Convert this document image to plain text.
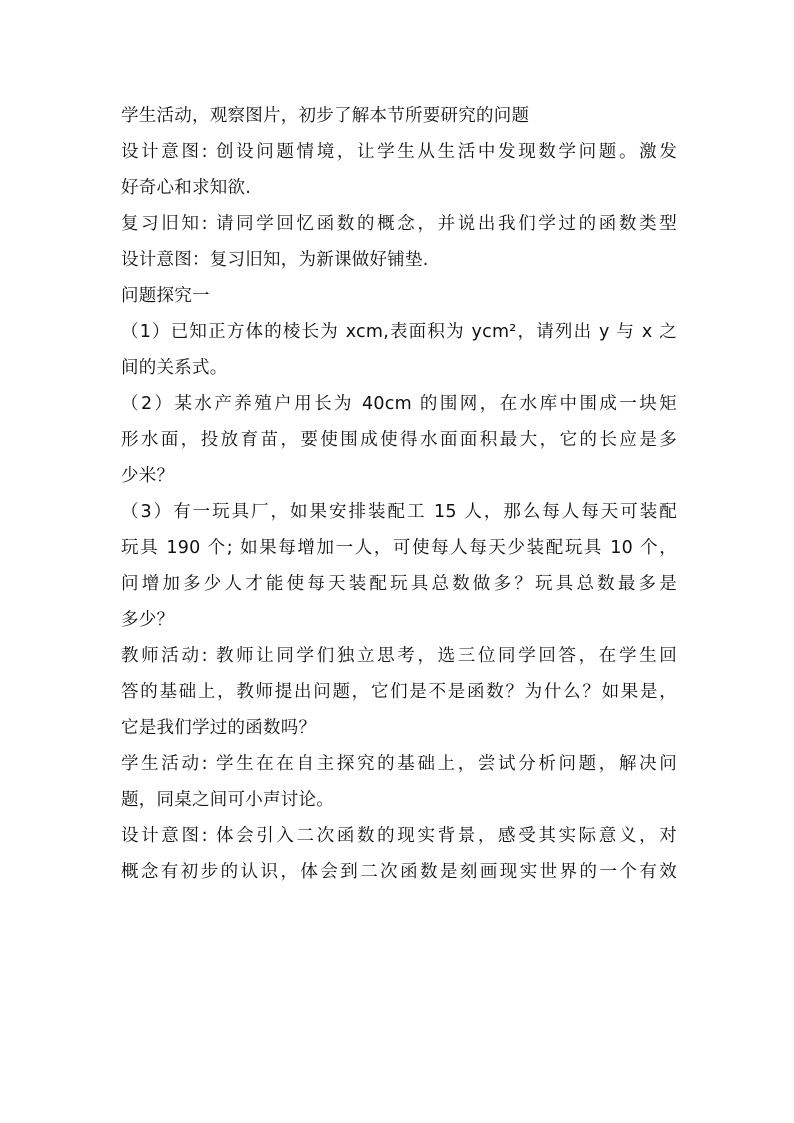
学生活动，观察图片，初步了解本节所要研究的问题
设计意图: 创设问题情境，让学生从生活中发现数学问题。激发
好奇心和求知欲.
复习旧知: 请同学回忆函数的概念，并说出我们学过的函数类型
设计意图：复习旧知，为新课做好铺垫.
问题探究一
（1）已知正方体的棱长为 xcm,表面积为 ycm²，请列出 y 与 x 之
间的关系式。
（2）某水产养殖户用长为 40cm 的围网，在水库中围成一块矩
形水面，投放育苗，要使围成使得水面面积最大，它的长应是多
少米？
（3）有一玩具厂，如果安排装配工 15 人，那么每人每天可装配
玩具 190 个; 如果每增加一人，可使每人每天少装配玩具 10 个，
问增加多少人才能使每天装配玩具总数做多？玩具总数最多是
多少？
教师活动: 教师让同学们独立思考，选三位同学回答，在学生回
答的基础上，教师提出问题，它们是不是函数？为什么？如果是，
它是我们学过的函数吗？
学生活动: 学生在在自主探究的基础上，尝试分析问题，解决问
题，同桌之间可小声讨论。
设计意图: 体会引入二次函数的现实背景，感受其实际意义，对
概念有初步的认识，体会到二次函数是刻画现实世界的一个有效
